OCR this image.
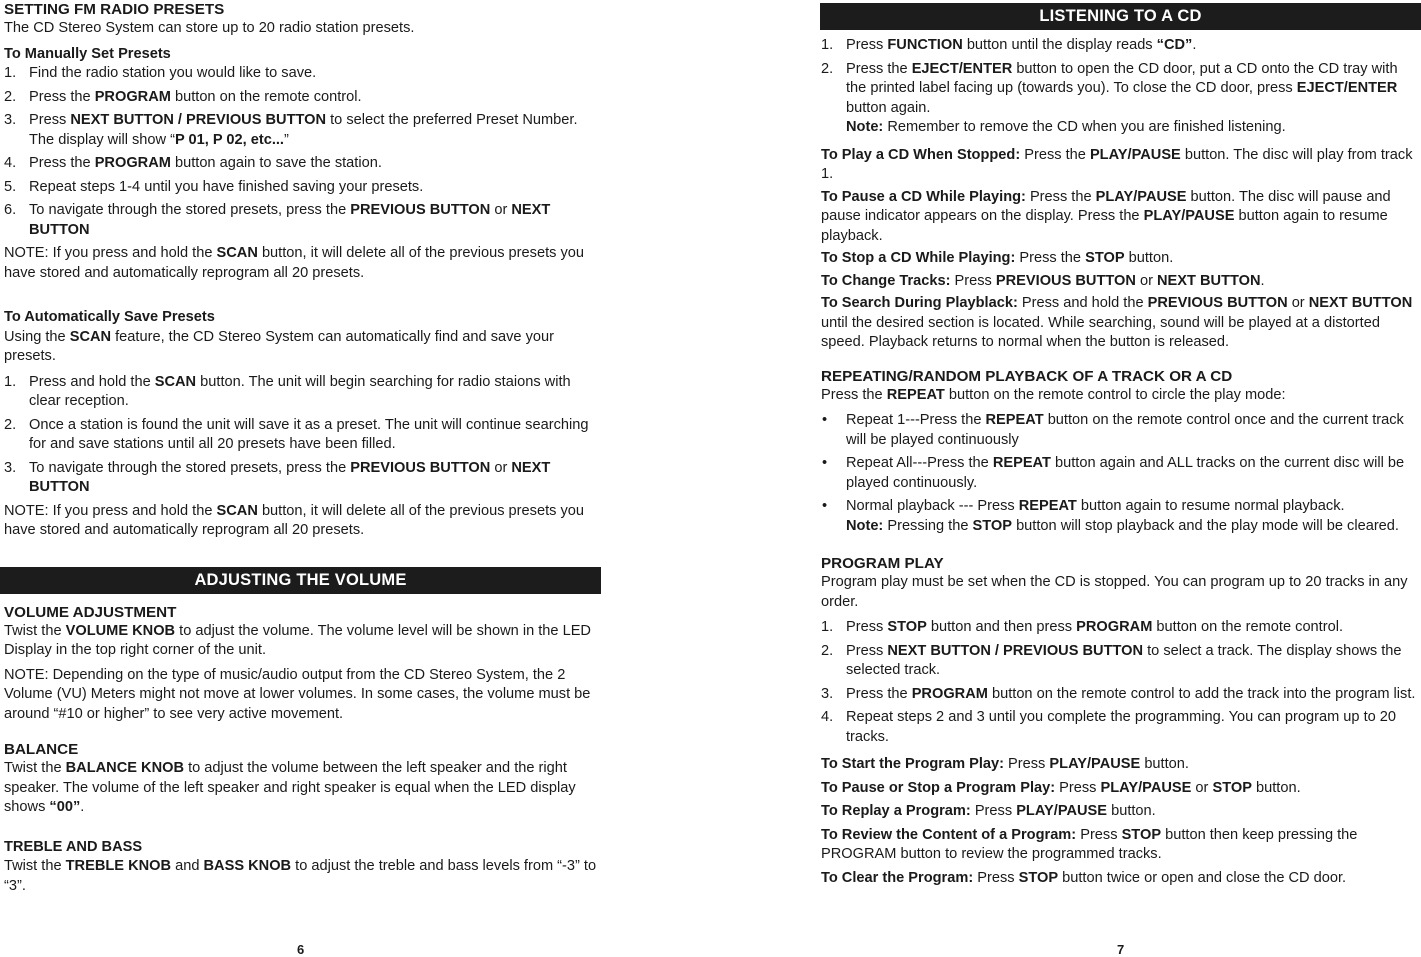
SETTING FM RADIO PRESETS

The CD Stereo System can store up to 20 radio station presets.

To Manually Set Presets

1. Find the radio station you would like to save.
2. Press the PROGRAM button on the remote control.
3. Press NEXT BUTTON / PREVIOUS BUTTON to select the preferred Preset Number. The display will show “P 01, P 02, etc...”
4. Press the PROGRAM button again to save the station.
5. Repeat steps 1-4 until you have finished saving your presets.
6. To navigate through the stored presets, press the PREVIOUS BUTTON or NEXT BUTTON

NOTE: If you press and hold the SCAN button, it will delete all of the previous presets you have stored and automatically reprogram all 20 presets.

To Automatically Save Presets

Using the SCAN feature, the CD Stereo System can automatically find and save your presets.

1. Press and hold the SCAN button. The unit will begin searching for radio staions with clear reception.
2. Once a station is found the unit will save it as a preset. The unit will continue searching for and save stations until all 20 presets have been filled.
3. To navigate through the stored presets, press the PREVIOUS BUTTON or NEXT BUTTON

NOTE: If you press and hold the SCAN button, it will delete all of the previous presets you have stored and automatically reprogram all 20 presets.

ADJUSTING THE VOLUME

VOLUME ADJUSTMENT

Twist the VOLUME KNOB to adjust the volume. The volume level will be shown in the LED Display in the top right corner of the unit.

NOTE: Depending on the type of music/audio output from the CD Stereo System, the 2 Volume (VU) Meters might not move at lower volumes. In some cases, the volume must be around “#10 or higher” to see very active movement.

BALANCE

Twist the BALANCE KNOB to adjust the volume between the left speaker and the right speaker. The volume of the left speaker and right speaker is equal when the LED display shows “00”.

TREBLE AND BASS

Twist the TREBLE KNOB and BASS KNOB to adjust the treble and bass levels from “-3” to “3”.

6
LISTENING TO A CD
1. Press FUNCTION button until the display reads “CD”.
2. Press the EJECT/ENTER button to open the CD door, put a CD onto the CD tray with the printed label facing up (towards you). To close the CD door, press EJECT/ENTER button again.
Note: Remember to remove the CD when you are finished listening.

To Play a CD When Stopped: Press the PLAY/PAUSE button. The disc will play from track 1.

To Pause a CD While Playing: Press the PLAY/PAUSE button. The disc will pause and pause indicator appears on the display. Press the PLAY/PAUSE button again to resume playback.

To Stop a CD While Playing: Press the STOP button.

To Change Tracks: Press PREVIOUS BUTTON or NEXT BUTTON.

To Search During Playblack: Press and hold the PREVIOUS BUTTON or NEXT BUTTON until the desired section is located. While searching, sound will be played at a distorted speed. Playback returns to normal when the button is released.

REPEATING/RANDOM PLAYBACK OF A TRACK OR A CD

Press the REPEAT button on the remote control to circle the play mode:

• Repeat 1---Press the REPEAT button on the remote control once and the current track will be played continuously
• Repeat All---Press the REPEAT button again and ALL tracks on the current disc will be played continuously.
• Normal playback --- Press REPEAT button again to resume normal playback.
Note: Pressing the STOP button will stop playback and the play mode will be cleared.

PROGRAM PLAY

Program play must be set when the CD is stopped. You can program up to 20 tracks in any order.

1. Press STOP button and then press PROGRAM button on the remote control.
2. Press NEXT BUTTON / PREVIOUS BUTTON to select a track. The display shows the selected track.
3. Press the PROGRAM button on the remote control to add the track into the program list.
4. Repeat steps 2 and 3 until you complete the programming. You can program up to 20 tracks.

To Start the Program Play: Press PLAY/PAUSE button.

To Pause or Stop a Program Play: Press PLAY/PAUSE or STOP button.

To Replay a Program: Press PLAY/PAUSE button.

To Review the Content of a Program: Press STOP button then keep pressing the PROGRAM button to review the programmed tracks.

To Clear the Program: Press STOP button twice or open and close the CD door.

7
